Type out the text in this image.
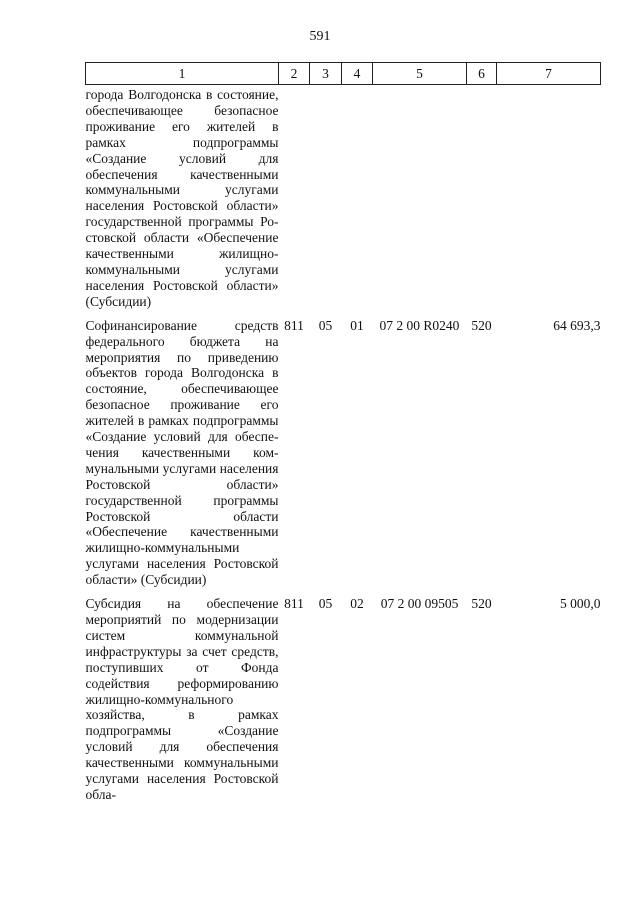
591
1	2	3	4	5	6	7
города Волгодонска в состояние, обеспечивающее безопасное проживание его жителей в рамках подпрограммы «Создание условий для обеспечения качественными коммунальными услугами населения Ростовской области» государственной программы Ростовской области «Обеспечение качественными жилищно-коммунальными услугами населения Ростовской области» (Субсидии)						
Софинансирование средств федерального бюджета на мероприятия по приведению объектов города Волгодонска в состояние, обеспечивающее безопасное проживание его жителей в рамках подпрограммы «Создание условий для обеспечения качественными коммунальными услугами населения Ростовской области» государственной программы Ростовской области «Обеспечение качественными жилищно-коммунальными услугами населения Ростовской области» (Субсидии)	811	05	01	07 2 00 R0240	520	64 693,3
Субсидия на обеспечение мероприятий по модернизации систем коммунальной инфраструктуры за счет средств, поступивших от Фонда содействия реформированию жилищно-коммунального хозяйства, в рамках подпрограммы «Создание условий для обеспечения качественными коммунальными услугами населения Ростовской обла-	811	05	02	07 2 00 09505	520	5 000,0
